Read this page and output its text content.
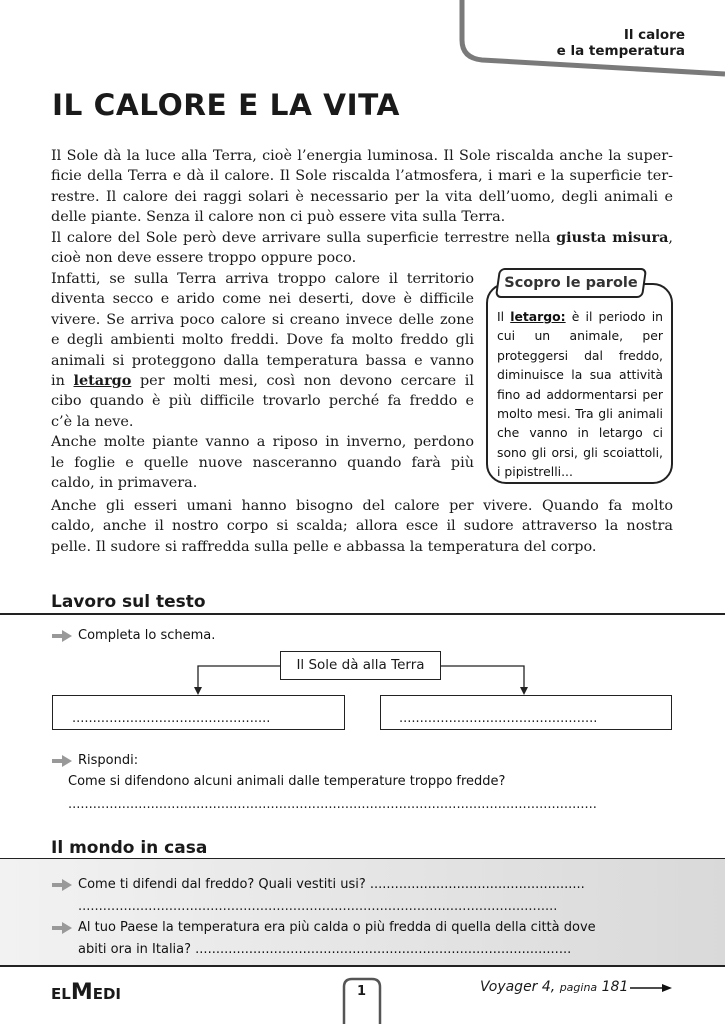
Il calore
e la temperatura
IL CALORE E LA VITA
Il Sole dà la luce alla Terra, cioè l’energia luminosa. Il Sole riscalda anche la super-
ficie della Terra e dà il calore. Il Sole riscalda l’atmosfera, i mari e la superficie ter-
restre. Il calore dei raggi solari è necessario per la vita dell’uomo, degli animali e
delle piante. Senza il calore non ci può essere vita sulla Terra.
Il calore del Sole però deve arrivare sulla superficie terrestre nella giusta misura,
cioè non deve essere troppo oppure poco.
Infatti, se sulla Terra arriva troppo calore il territorio
diventa secco e arido come nei deserti, dove è difficile
vivere. Se arriva poco calore si creano invece delle zone
e degli ambienti molto freddi. Dove fa molto freddo gli
animali si proteggono dalla temperatura bassa e vanno
in letargo per molti mesi, così non devono cercare il
cibo quando è più difficile trovarlo perché fa freddo e
c’è la neve.
Anche molte piante vanno a riposo in inverno, perdono
le foglie e quelle nuove nasceranno quando farà più
caldo, in primavera.
Scopro le parole
Il letargo: è il periodo in cui un animale, per proteggersi dal freddo, diminuisce la sua attività fino ad addormentarsi per molto mesi. Tra gli animali che vanno in letargo ci sono gli orsi, gli scoiattoli, i pipistrelli...
Anche gli esseri umani hanno bisogno del calore per vivere. Quando fa molto
caldo, anche il nostro corpo si scalda; allora esce il sudore attraverso la nostra
pelle. Il sudore si raffredda sulla pelle e abbassa la temperatura del corpo.
Lavoro sul testo
Completa lo schema.
Il Sole dà alla Terra
................................................	................................................
Rispondi:
Come si difendono alcuni animali dalle temperature troppo fredde?
................................................................................................................................
Il mondo in casa
Come ti difendi dal freddo? Quali vestiti usi? ....................................................
....................................................................................................................
Al tuo Paese la temperatura era più calda o più fredda di quella della città dove
abiti ora in Italia? ...........................................................................................
ELMEDI	1	Voyager 4, pagina 181
